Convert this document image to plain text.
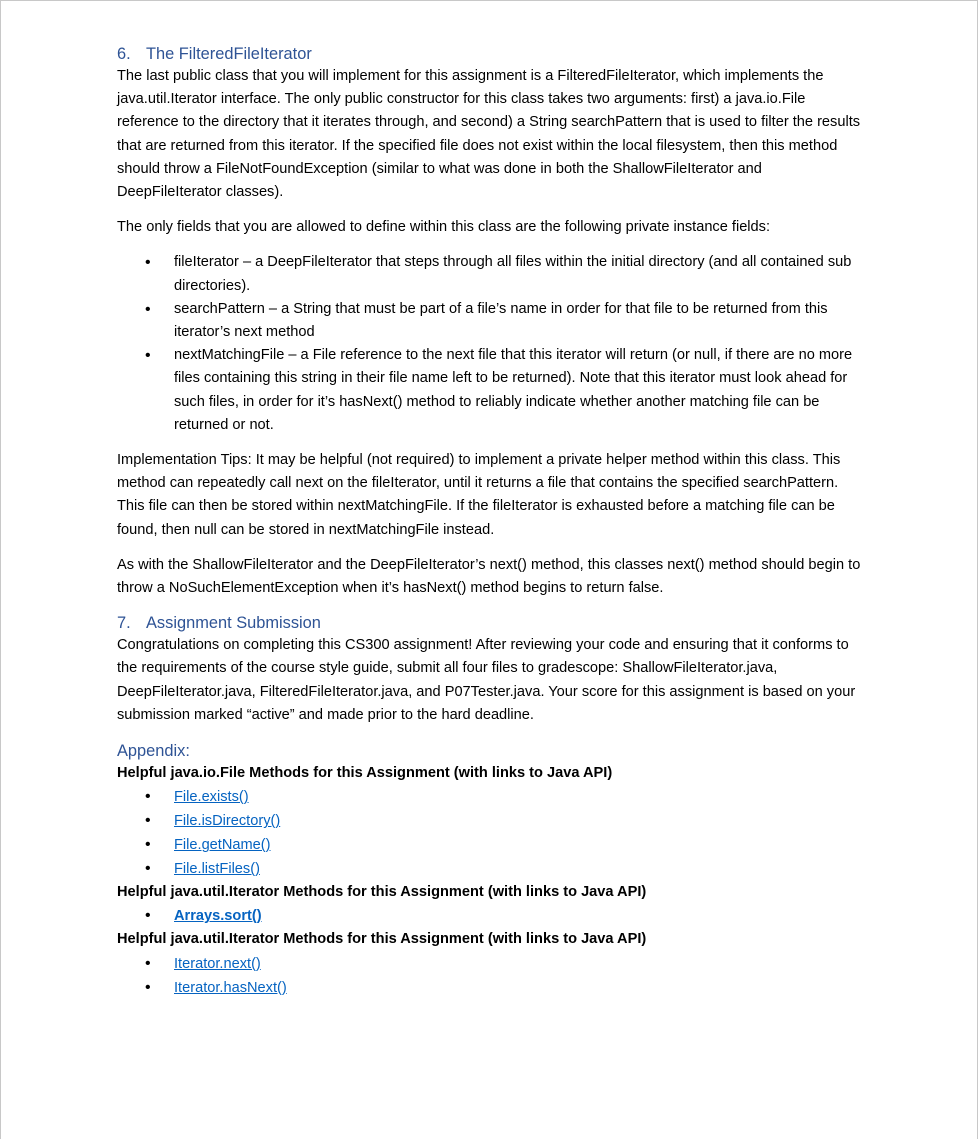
6. The FilteredFileIterator

The last public class that you will implement for this assignment is a FilteredFileIterator, which implements the java.util.Iterator interface. The only public constructor for this class takes two arguments: first) a java.io.File reference to the directory that it iterates through, and second) a String searchPattern that is used to filter the results that are returned from this iterator. If the specified file does not exist within the local filesystem, then this method should throw a FileNotFoundException (similar to what was done in both the ShallowFileIterator and DeepFileIterator classes).

The only fields that you are allowed to define within this class are the following private instance fields:

• fileIterator – a DeepFileIterator that steps through all files within the initial directory (and all contained sub directories).
• searchPattern – a String that must be part of a file’s name in order for that file to be returned from this iterator’s next method
• nextMatchingFile – a File reference to the next file that this iterator will return (or null, if there are no more files containing this string in their file name left to be returned). Note that this iterator must look ahead for such files, in order for it’s hasNext() method to reliably indicate whether another matching file can be returned or not.

Implementation Tips: It may be helpful (not required) to implement a private helper method within this class. This method can repeatedly call next on the fileIterator, until it returns a file that contains the specified searchPattern. This file can then be stored within nextMatchingFile. If the fileIterator is exhausted before a matching file can be found, then null can be stored in nextMatchingFile instead.

As with the ShallowFileIterator and the DeepFileIterator’s next() method, this classes next() method should begin to throw a NoSuchElementException when it’s hasNext() method begins to return false.

7. Assignment Submission

Congratulations on completing this CS300 assignment! After reviewing your code and ensuring that it conforms to the requirements of the course style guide, submit all four files to gradescope: ShallowFileIterator.java, DeepFileIterator.java, FilteredFileIterator.java, and P07Tester.java. Your score for this assignment is based on your submission marked “active” and made prior to the hard deadline.

Appendix:

Helpful java.io.File Methods for this Assignment (with links to Java API)

• File.exists()
• File.isDirectory()
• File.getName()
• File.listFiles()

Helpful java.util.Iterator Methods for this Assignment (with links to Java API)

• Arrays.sort()

Helpful java.util.Iterator Methods for this Assignment (with links to Java API)

• Iterator.next()
• Iterator.hasNext()
